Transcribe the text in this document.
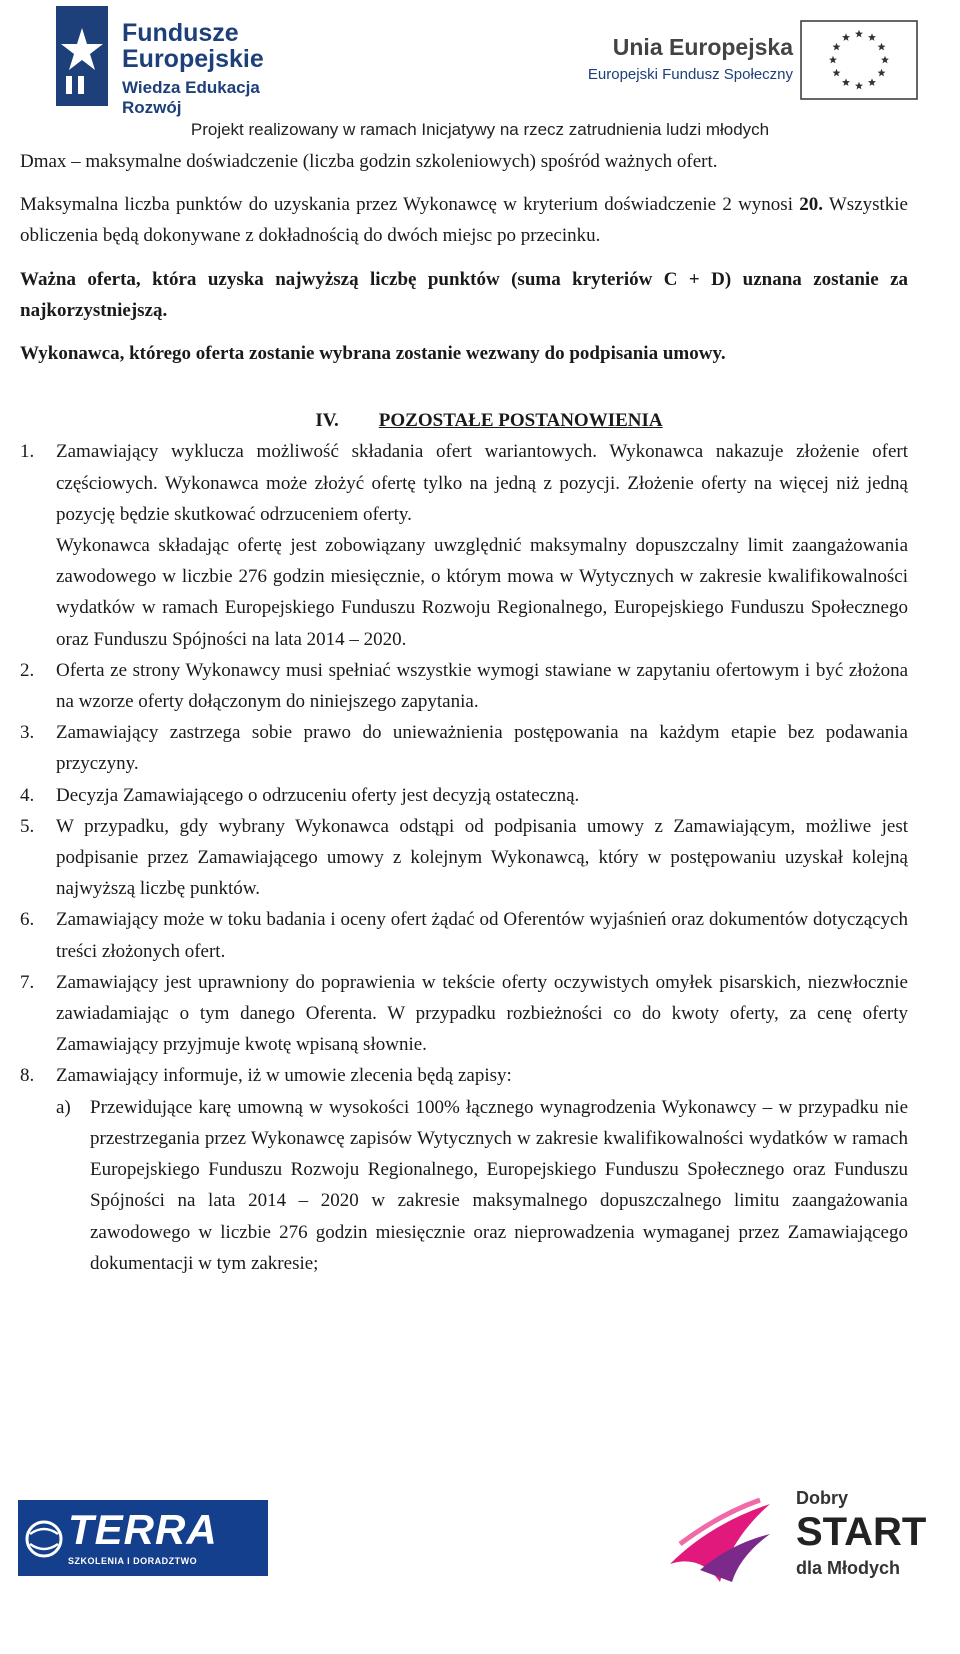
Fundusze
Europejskie
Wiedza Edukacja Rozwój
Unia Europejska
Europejski Fundusz Społeczny
Projekt realizowany w ramach Inicjatywy na rzecz zatrudnienia ludzi młodych

Dmax – maksymalne doświadczenie (liczba godzin szkoleniowych) spośród ważnych ofert.

Maksymalna liczba punktów do uzyskania przez Wykonawcę w kryterium doświadczenie 2 wynosi 20. Wszystkie obliczenia będą dokonywane z dokładnością do dwóch miejsc po przecinku.

Ważna oferta, która uzyska najwyższą liczbę punktów (suma kryteriów C + D) uznana zostanie za najkorzystniejszą.

Wykonawca, którego oferta zostanie wybrana zostanie wezwany do podpisania umowy.

IV. POZOSTAŁE POSTANOWIENIA
1.	Zamawiający wyklucza możliwość składania ofert wariantowych. Wykonawca nakazuje złożenie ofert częściowych. Wykonawca może złożyć ofertę tylko na jedną z pozycji. Złożenie oferty na więcej niż jedną pozycję będzie skutkować odrzuceniem oferty.
Wykonawca składając ofertę jest zobowiązany uwzględnić maksymalny dopuszczalny limit zaangażowania zawodowego w liczbie 276 godzin miesięcznie, o którym mowa w Wytycznych w zakresie kwalifikowalności wydatków w ramach Europejskiego Funduszu Rozwoju Regionalnego, Europejskiego Funduszu Społecznego oraz Funduszu Spójności na lata 2014 – 2020.
2.	Oferta ze strony Wykonawcy musi spełniać wszystkie wymogi stawiane w zapytaniu ofertowym i być złożona na wzorze oferty dołączonym do niniejszego zapytania.
3.	Zamawiający zastrzega sobie prawo do unieważnienia postępowania na każdym etapie bez podawania przyczyny.
4.	Decyzja Zamawiającego o odrzuceniu oferty jest decyzją ostateczną.
5.	W przypadku, gdy wybrany Wykonawca odstąpi od podpisania umowy z Zamawiającym, możliwe jest podpisanie przez Zamawiającego umowy z kolejnym Wykonawcą, który w postępowaniu uzyskał kolejną najwyższą liczbę punktów.
6.	Zamawiający może w toku badania i oceny ofert żądać od Oferentów wyjaśnień oraz dokumentów dotyczących treści złożonych ofert.
7.	Zamawiający jest uprawniony do poprawienia w tekście oferty oczywistych omyłek pisarskich, niezwłocznie zawiadamiając o tym danego Oferenta. W przypadku rozbieżności co do kwoty oferty, za cenę oferty Zamawiający przyjmuje kwotę wpisaną słownie.
8.	Zamawiający informuje, iż w umowie zlecenia będą zapisy:
a)	Przewidujące karę umowną w wysokości 100% łącznego wynagrodzenia Wykonawcy – w przypadku nie przestrzegania przez Wykonawcę zapisów Wytycznych w zakresie kwalifikowalności wydatków w ramach Europejskiego Funduszu Rozwoju Regionalnego, Europejskiego Funduszu Społecznego oraz Funduszu Spójności na lata 2014 – 2020 w zakresie maksymalnego dopuszczalnego limitu zaangażowania zawodowego w liczbie 276 godzin miesięcznie oraz nieprowadzenia wymaganej przez Zamawiającego dokumentacji w tym zakresie;
TERRA
SZKOLENIA I DORADZTWO
Dobry
START
dla Młodych
